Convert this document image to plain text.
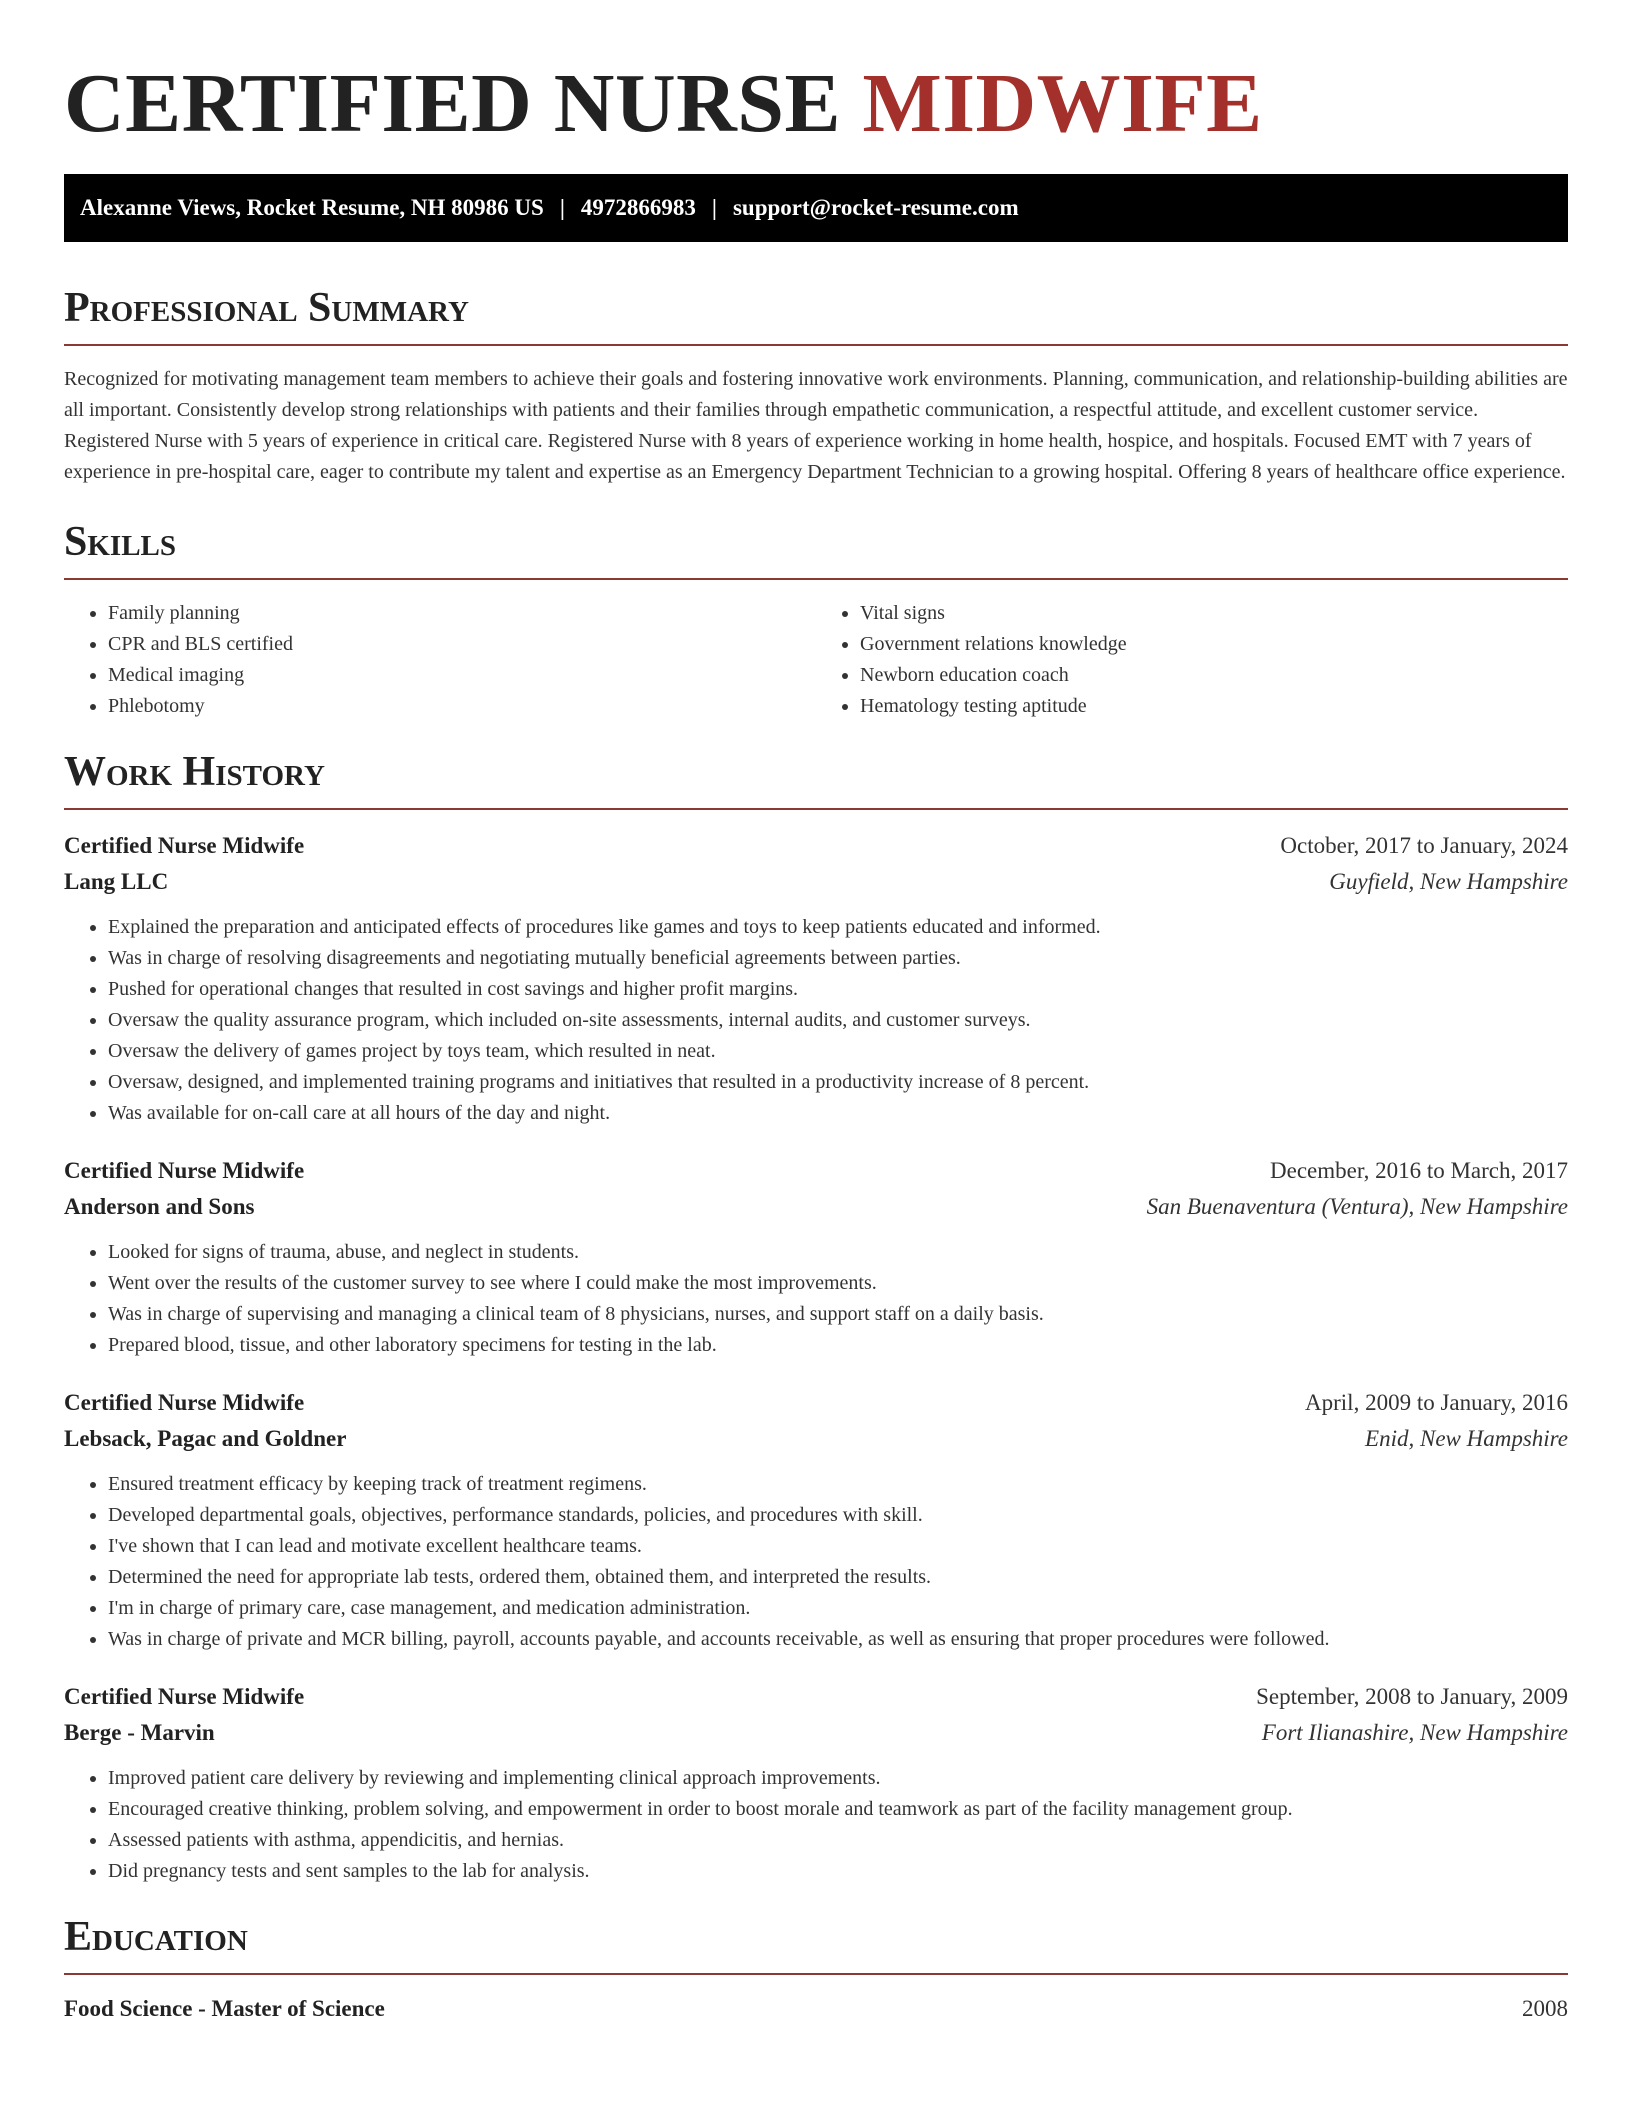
CERTIFIED NURSE MIDWIFE
Alexanne Views, Rocket Resume, NH 80986 US | 4972866983 | support@rocket-resume.com
Professional Summary

Recognized for motivating management team members to achieve their goals and fostering innovative work environments. Planning, communication, and relationship-building abilities are all important. Consistently develop strong relationships with patients and their families through empathetic communication, a respectful attitude, and excellent customer service. Registered Nurse with 5 years of experience in critical care. Registered Nurse with 8 years of experience working in home health, hospice, and hospitals. Focused EMT with 7 years of experience in pre-hospital care, eager to contribute my talent and expertise as an Emergency Department Technician to a growing hospital. Offering 8 years of healthcare office experience.

Skills
• Family planning
• CPR and BLS certified
• Medical imaging
• Phlebotomy
• Vital signs
• Government relations knowledge
• Newborn education coach
• Hematology testing aptitude
Work History
Certified Nurse Midwife	October, 2017 to January, 2024
Lang LLC	Guyfield, New Hampshire
• Explained the preparation and anticipated effects of procedures like games and toys to keep patients educated and informed.
• Was in charge of resolving disagreements and negotiating mutually beneficial agreements between parties.
• Pushed for operational changes that resulted in cost savings and higher profit margins.
• Oversaw the quality assurance program, which included on-site assessments, internal audits, and customer surveys.
• Oversaw the delivery of games project by toys team, which resulted in neat.
• Oversaw, designed, and implemented training programs and initiatives that resulted in a productivity increase of 8 percent.
• Was available for on-call care at all hours of the day and night.
Certified Nurse Midwife	December, 2016 to March, 2017
Anderson and Sons	San Buenaventura (Ventura), New Hampshire
• Looked for signs of trauma, abuse, and neglect in students.
• Went over the results of the customer survey to see where I could make the most improvements.
• Was in charge of supervising and managing a clinical team of 8 physicians, nurses, and support staff on a daily basis.
• Prepared blood, tissue, and other laboratory specimens for testing in the lab.
Certified Nurse Midwife	April, 2009 to January, 2016
Lebsack, Pagac and Goldner	Enid, New Hampshire
• Ensured treatment efficacy by keeping track of treatment regimens.
• Developed departmental goals, objectives, performance standards, policies, and procedures with skill.
• I've shown that I can lead and motivate excellent healthcare teams.
• Determined the need for appropriate lab tests, ordered them, obtained them, and interpreted the results.
• I'm in charge of primary care, case management, and medication administration.
• Was in charge of private and MCR billing, payroll, accounts payable, and accounts receivable, as well as ensuring that proper procedures were followed.
Certified Nurse Midwife	September, 2008 to January, 2009
Berge - Marvin	Fort Ilianashire, New Hampshire
• Improved patient care delivery by reviewing and implementing clinical approach improvements.
• Encouraged creative thinking, problem solving, and empowerment in order to boost morale and teamwork as part of the facility management group.
• Assessed patients with asthma, appendicitis, and hernias.
• Did pregnancy tests and sent samples to the lab for analysis.
Education
Food Science - Master of Science	2008
